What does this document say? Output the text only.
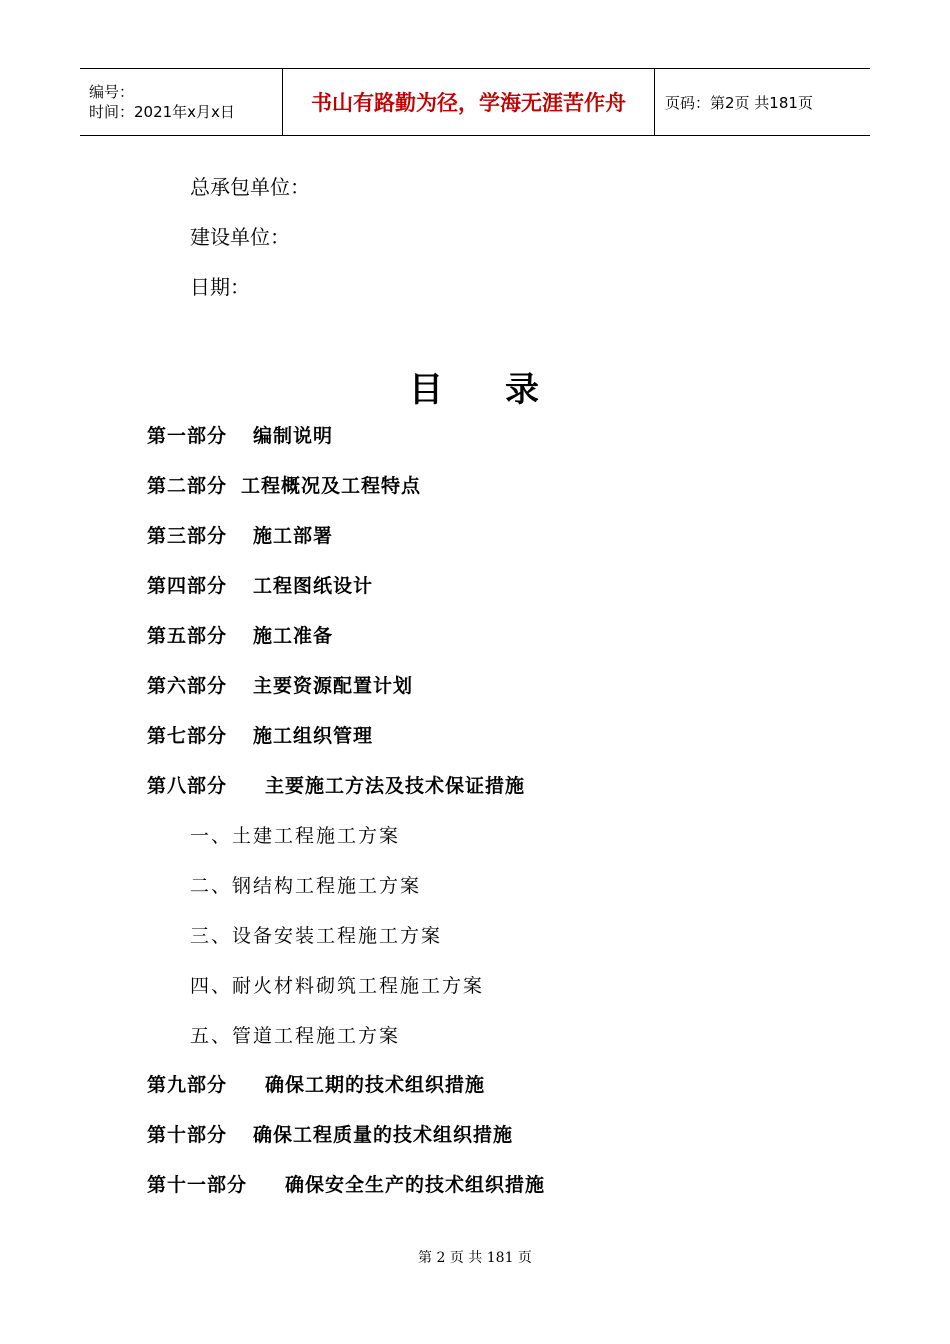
编号：
时间：2021年x月x日	书山有路勤为径，学海无涯苦作舟	页码：第2页 共181页
总承包单位：
建设单位：
日期：
目 录
第一部分 编制说明
第二部分 工程概况及工程特点
第三部分 施工部署
第四部分 工程图纸设计
第五部分 施工准备
第六部分 主要资源配置计划
第七部分 施工组织管理
第八部分 主要施工方法及技术保证措施
一、土建工程施工方案
二、钢结构工程施工方案
三、设备安装工程施工方案
四、耐火材料砌筑工程施工方案
五、管道工程施工方案
第九部分 确保工期的技术组织措施
第十部分 确保工程质量的技术组织措施
第十一部分 确保安全生产的技术组织措施
第 2 页 共 181 页
